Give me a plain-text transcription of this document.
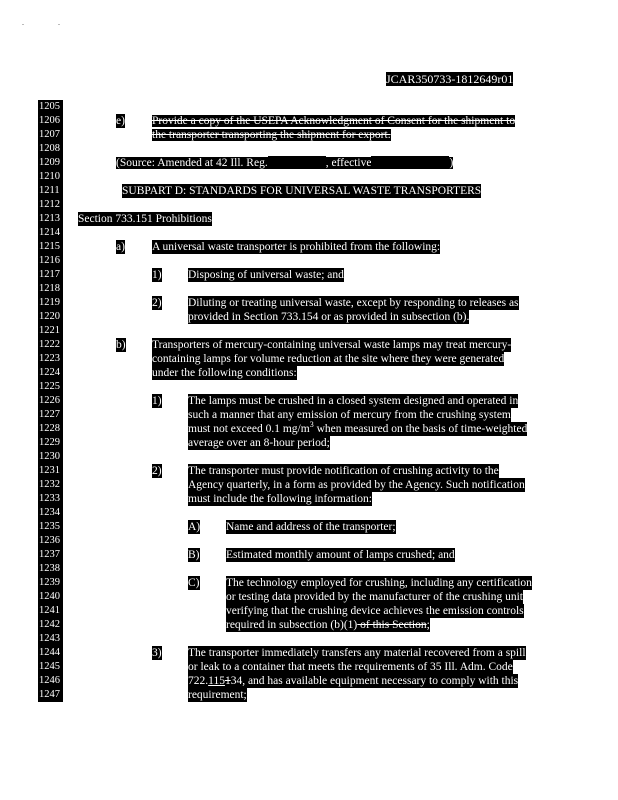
JCAR350733-1812649r01
1205
1206
1207
1208
1209
1210
1211
1212
1213
1214
1215
1216
1217
1218
1219
1220
1221
1222
1223
1224
1225
1226
1227
1228
1229
1230
1231
1232
1233
1234
1235
1236
1237
1238
1239
1240
1241
1242
1243
1244
1245
1246
1247
e) Provide a copy of the USEPA Acknowledgment of Consent for the shipment to
the transporter transporting the shipment for export.
(Source: Amended at 42 Ill. Reg.	, effective	)
SUBPART D: STANDARDS FOR UNIVERSAL WASTE TRANSPORTERS
Section 733.151 Prohibitions
a) A universal waste transporter is prohibited from the following:
1) Disposing of universal waste; and
2) Diluting or treating universal waste, except by responding to releases as
provided in Section 733.154 or as provided in subsection (b).
b) Transporters of mercury-containing universal waste lamps may treat mercury-
containing lamps for volume reduction at the site where they were generated
under the following conditions:
1) The lamps must be crushed in a closed system designed and operated in
such a manner that any emission of mercury from the crushing system
must not exceed 0.1 $mg/m^3$ when measured on the basis of time-weighted
average over an 8-hour period;
2) The transporter must provide notification of crushing activity to the
Agency quarterly, in a form as provided by the Agency. Such notification
must include the following information:
A) Name and address of the transporter;
B) Estimated monthly amount of lamps crushed; and
C) The technology employed for crushing, including any certification
or testing data provided by the manufacturer of the crushing unit
verifying that the crushing device achieves the emission controls
required in subsection (b)(1) of this Section;
3) The transporter immediately transfers any material recovered from a spill
or leak to a container that meets the requirements of 35 Ill. Adm. Code
722.115134, and has available equipment necessary to comply with this
requirement;
